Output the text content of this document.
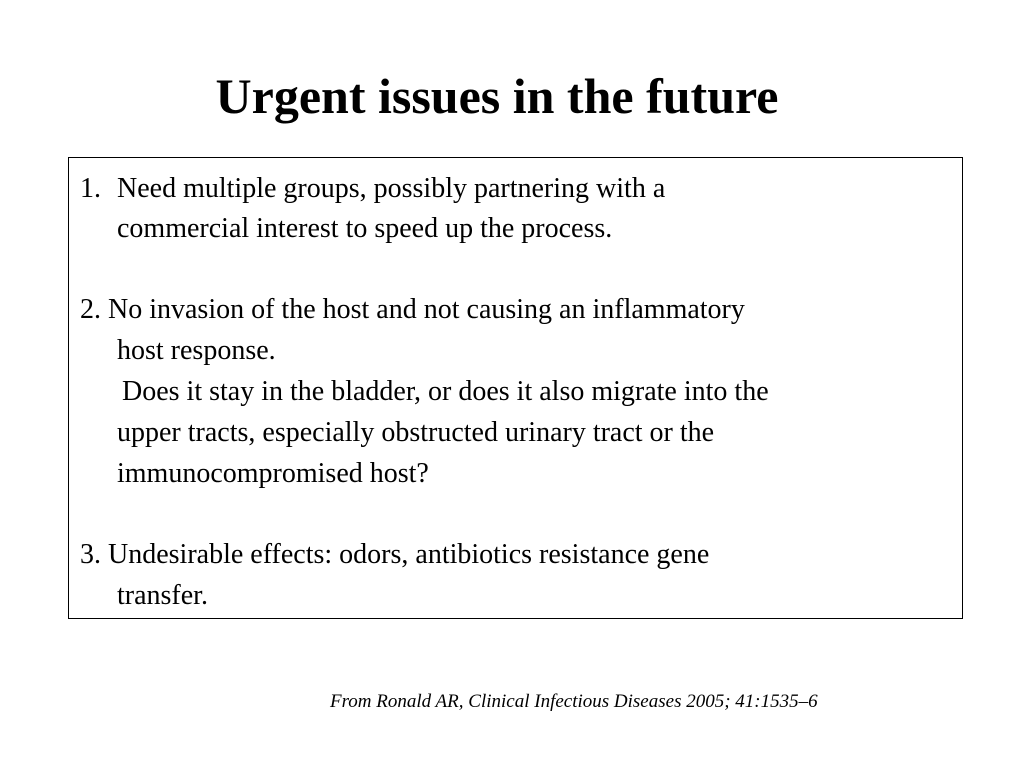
Urgent issues in the future
1. Need multiple groups, possibly partnering with a
commercial interest to speed up the process.
2. No invasion of the host and not causing an inflammatory
host response.
Does it stay in the bladder, or does it also migrate into the
upper tracts, especially obstructed urinary tract or the
immunocompromised host?
3. Undesirable effects: odors, antibiotics resistance gene
transfer.
From Ronald AR, Clinical Infectious Diseases 2005; 41:1535–6
